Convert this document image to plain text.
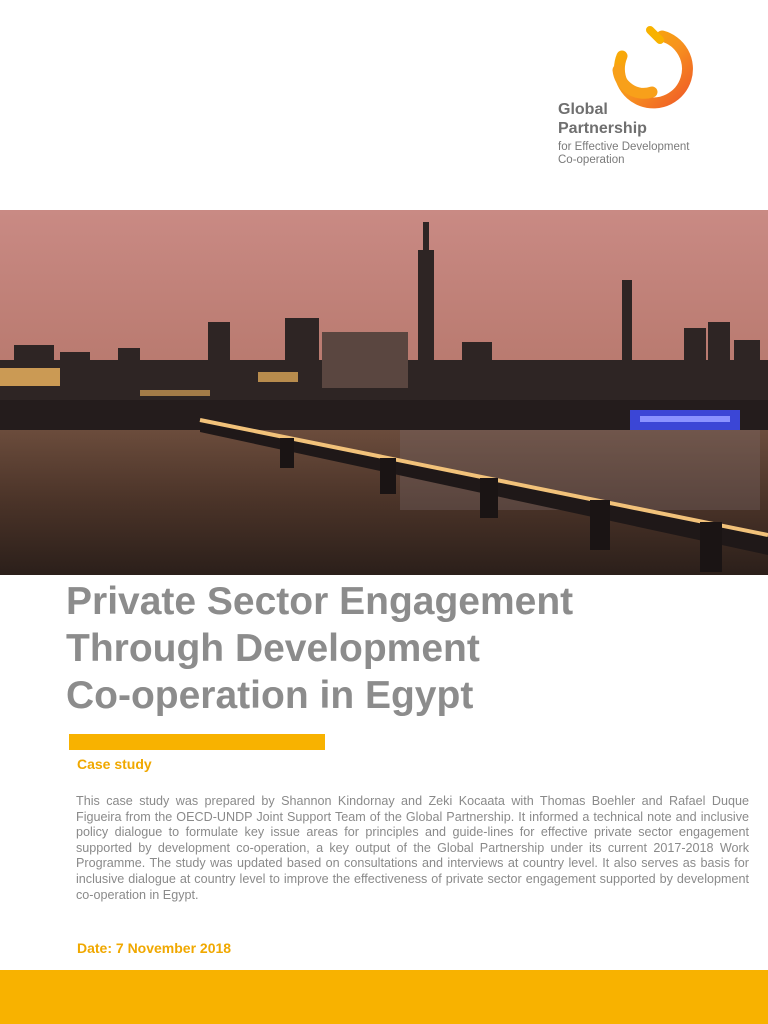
Global
Partnership
for Effective Development
Co-operation
Private Sector Engagement
Through Development
Co-operation in Egypt
Case study

This case study was prepared by Shannon Kindornay and Zeki Kocaata with Thomas Boehler and Rafael Duque Figueira from the OECD-UNDP Joint Support Team of the Global Partnership. It informed a technical note and inclusive policy dialogue to formulate key issue areas for principles and guide-lines for effective private sector engagement supported by development co-operation, a key output of the Global Partnership under its current 2017-2018 Work Programme. The study was updated based on consultations and interviews at country level. It also serves as basis for inclusive dialogue at country level to improve the effectiveness of private sector engagement supported by development co-operation in Egypt.

Date: 7 November 2018
